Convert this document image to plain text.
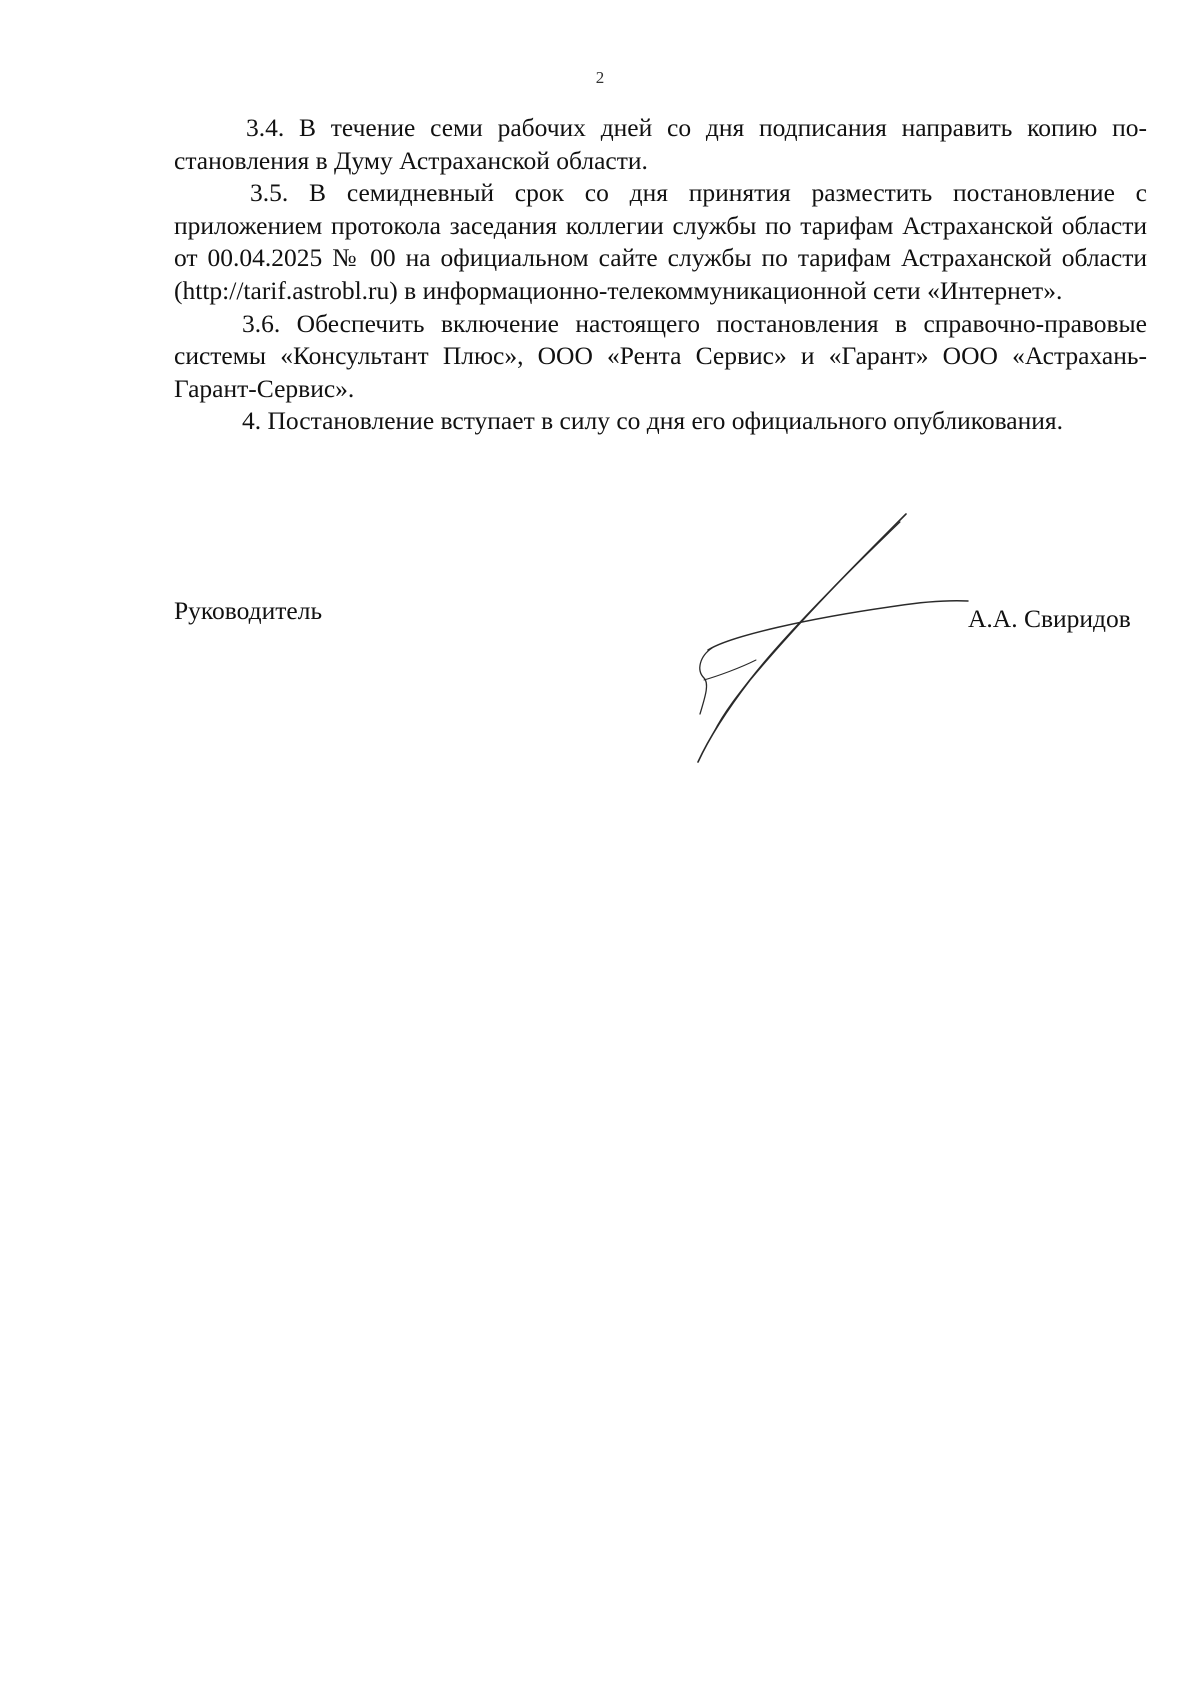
2

3.4. В течение семи рабочих дней со дня подписания направить копию постановления в Думу Астраханской области.

3.5. В семидневный срок со дня принятия разместить постановление с приложением протокола заседания коллегии службы по тарифам Астраханской области от 00.04.2025 № 00 на официальном сайте службы по тарифам Астраханской области (http://tarif.astrobl.ru) в информационно-телекоммуникационной сети «Интернет».

3.6. Обеспечить включение настоящего постановления в справочно-правовые системы «Консультант Плюс», ООО «Рента Сервис» и «Гарант» ООО «Астрахань-Гарант-Сервис».

4. Постановление вступает в силу со дня его официального опубликования.

Руководитель	А.А. Свиридов
